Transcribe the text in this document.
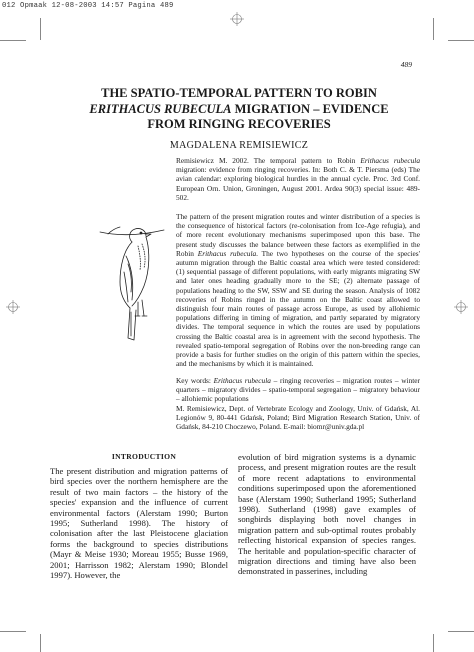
012 Opmaak 12-08-2003 14:57 Pagina 489
489
THE SPATIO-TEMPORAL PATTERN TO ROBIN ERITHACUS RUBECULA MIGRATION – EVIDENCE FROM RINGING RECOVERIES

MAGDALENA REMISIEWICZ

Remisiewicz M. 2002. The temporal pattern to Robin Erithacus rubecula migration: evidence from ringing recoveries. In: Both C. & T. Piersma (eds) The avian calendar: exploring biological hurdles in the annual cycle. Proc. 3rd Conf. European Orn. Union, Groningen, August 2001. Ardea 90(3) special issue: 489-502.

The pattern of the present migration routes and winter distribution of a species is the consequence of historical factors (re-colonisation from Ice-Age refugia), and of more recent evolutionary mechanisms superimposed upon this base. The present study discusses the balance between these factors as exemplified in the Robin Erithacus rubecula. The two hypotheses on the course of the species' autumn migration through the Baltic coastal area which were tested considered: (1) sequential passage of different populations, with early migrants migrating SW and later ones heading gradually more to the SE; (2) alternate passage of populations heading to the SW, SSW and SE during the season. Analysis of 1082 recoveries of Robins ringed in the autumn on the Baltic coast allowed to distinguish four main routes of passage across Europe, as used by allohiemic populations differing in timing of migration, and partly separated by migratory divides. The temporal sequence in which the routes are used by populations crossing the Baltic coastal area is in agreement with the second hypothesis. The revealed spatio-temporal segregation of Robins over the non-breeding range can provide a basis for further studies on the origin of this pattern within the species, and the mechanisms by which it is maintained.

Key words: Erithacus rubecula – ringing recoveries – migration routes – winter quarters – migratory divides – spatio-temporal segregation – migratory behaviour – allohiemic populations

M. Remisiewicz, Dept. of Vertebrate Ecology and Zoology, Univ. of Gdańsk, Al. Legionów 9, 80-441 Gdańsk, Poland; Bird Migration Research Station, Univ. of Gdańsk, 84-210 Choczewo, Poland. E-mail: biomr@univ.gda.pl

INTRODUCTION

The present distribution and migration patterns of bird species over the northern hemisphere are the result of two main factors – the history of the species' expansion and the influence of current environmental factors (Alerstam 1990; Burton 1995; Sutherland 1998). The history of colonisation after the last Pleistocene glaciation forms the background to species distributions (Mayr & Meise 1930; Moreau 1955; Busse 1969, 2001; Harrisson 1982; Alerstam 1990; Blondel 1997). However, the

evolution of bird migration systems is a dynamic process, and present migration routes are the result of more recent adaptations to environmental conditions superimposed upon the aforementioned base (Alerstam 1990; Sutherland 1995; Sutherland 1998). Sutherland (1998) gave examples of songbirds displaying both novel changes in migration pattern and sub-optimal routes probably reflecting historical expansion of species ranges. The heritable and population-specific character of migration directions and timing have also been demonstrated in passerines, including
